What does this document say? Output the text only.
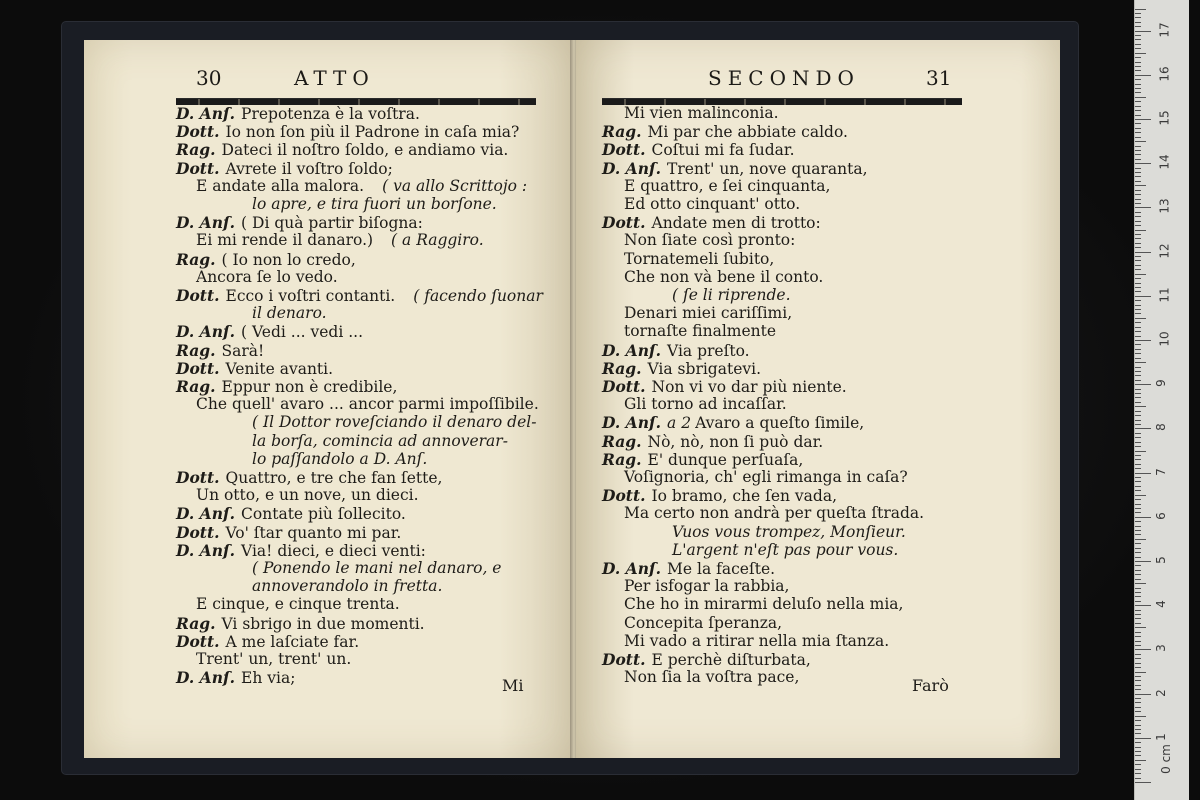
30	ATTO
D. Anſ. Prepotenza è la voſtra.
Dott. Io non ſon più il Padrone in caſa mia?
Rag. Dateci il noſtro ſoldo, e andiamo via.
Dott. Avrete il voſtro ſoldo;
E andate alla malora. ( va allo Scrittojo :
lo apre, e tira fuori un borſone.
D. Anſ. ( Di quà partir biſogna:
Ei mi rende il danaro.) ( a Raggiro.
Rag. ( Io non lo credo,
Ancora ſe lo vedo.
Dott. Ecco i voſtri contanti. ( facendo ſuonar
il denaro.
D. Anſ. ( Vedi ... vedi ...
Rag. Sarà!
Dott. Venite avanti.
Rag. Eppur non è credibile,
Che quell' avaro ... ancor parmi impoſſibile.
( Il Dottor roveſciando il denaro del-
la borſa, comincia ad annoverar-
lo paſſandolo a D. Anſ.
Dott. Quattro, e tre che fan ſette,
Un otto, e un nove, un dieci.
D. Anſ. Contate più ſollecito.
Dott. Vo' ſtar quanto mi par.
D. Anſ. Via! dieci, e dieci venti:
( Ponendo le mani nel danaro, e
annoverandolo in fretta.
E cinque, e cinque trenta.
Rag. Vi sbrigo in due momenti.
Dott. A me laſciate far.
Trent' un, trent' un.
D. Anſ. Eh via;	Mi
SECONDO	31
Mi vien malinconia.
Rag. Mi par che abbiate caldo.
Dott. Coſtui mi fa ſudar.
D. Anſ. Trent' un, nove quaranta,
E quattro, e ſei cinquanta,
Ed otto cinquant' otto.
Dott. Andate men di trotto:
Non ſiate così pronto:
Tornatemeli ſubito,
Che non và bene il conto.
( ſe li riprende.
Denari miei cariſſimi,
tornaſte finalmente
D. Anſ. Via preſto.
Rag. Via sbrigatevi.
Dott. Non vi vo dar più niente.
Gli torno ad incaſſar.
D. Anſ. a 2 Avaro a queſto ſimile,
Rag. Nò, nò, non ſi può dar.
Rag. E' dunque perſuaſa,
Voſignoria, ch' egli rimanga in caſa?
Dott. Io bramo, che ſen vada,
Ma certo non andrà per queſta ſtrada.
Vuos vous trompez, Monſieur.
L'argent n'eſt pas pour vous.
D. Anſ. Me la faceſte.
Per isfogar la rabbia,
Che ho in mirarmi deluſo nella mia,
Concepita ſperanza,
Mi vado a ritirar nella mia ſtanza.
Dott. E perchè diſturbata,
Non ſia la voſtra pace,	Farò
0 cm
1
2
3
4
5
6
7
8
9
10
11
12
13
14
15
16
17
